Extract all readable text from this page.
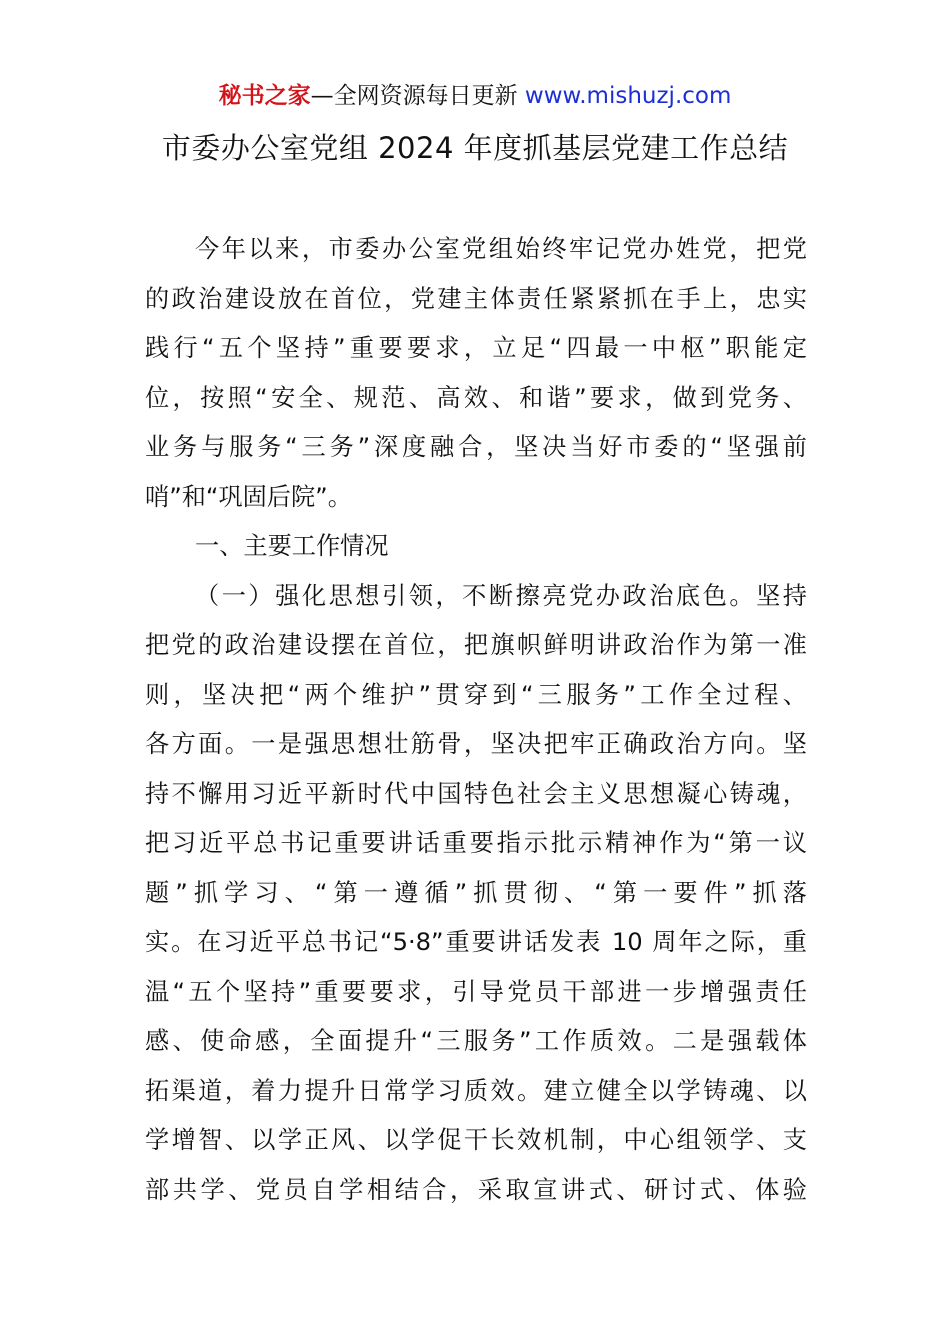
秘书之家—全网资源每日更新 www.mishuzj.com
市委办公室党组 2024 年度抓基层党建工作总结
今年以来，市委办公室党组始终牢记党办姓党，把党
的政治建设放在首位，党建主体责任紧紧抓在手上，忠实
践行“五个坚持”重要要求，立足“四最一中枢”职能定
位，按照“安全、规范、高效、和谐”要求，做到党务、
业务与服务“三务”深度融合，坚决当好市委的“坚强前
哨”和“巩固后院”。
一、主要工作情况
（一）强化思想引领，不断擦亮党办政治底色。坚持
把党的政治建设摆在首位，把旗帜鲜明讲政治作为第一准
则，坚决把“两个维护”贯穿到“三服务”工作全过程、
各方面。一是强思想壮筋骨，坚决把牢正确政治方向。坚
持不懈用习近平新时代中国特色社会主义思想凝心铸魂，
把习近平总书记重要讲话重要指示批示精神作为“第一议
题”抓学习、“第一遵循”抓贯彻、“第一要件”抓落
实。在习近平总书记“5·8”重要讲话发表 10 周年之际，重
温“五个坚持”重要要求，引导党员干部进一步增强责任
感、使命感，全面提升“三服务”工作质效。二是强载体
拓渠道，着力提升日常学习质效。建立健全以学铸魂、以
学增智、以学正风、以学促干长效机制，中心组领学、支
部共学、党员自学相结合，采取宣讲式、研讨式、体验
